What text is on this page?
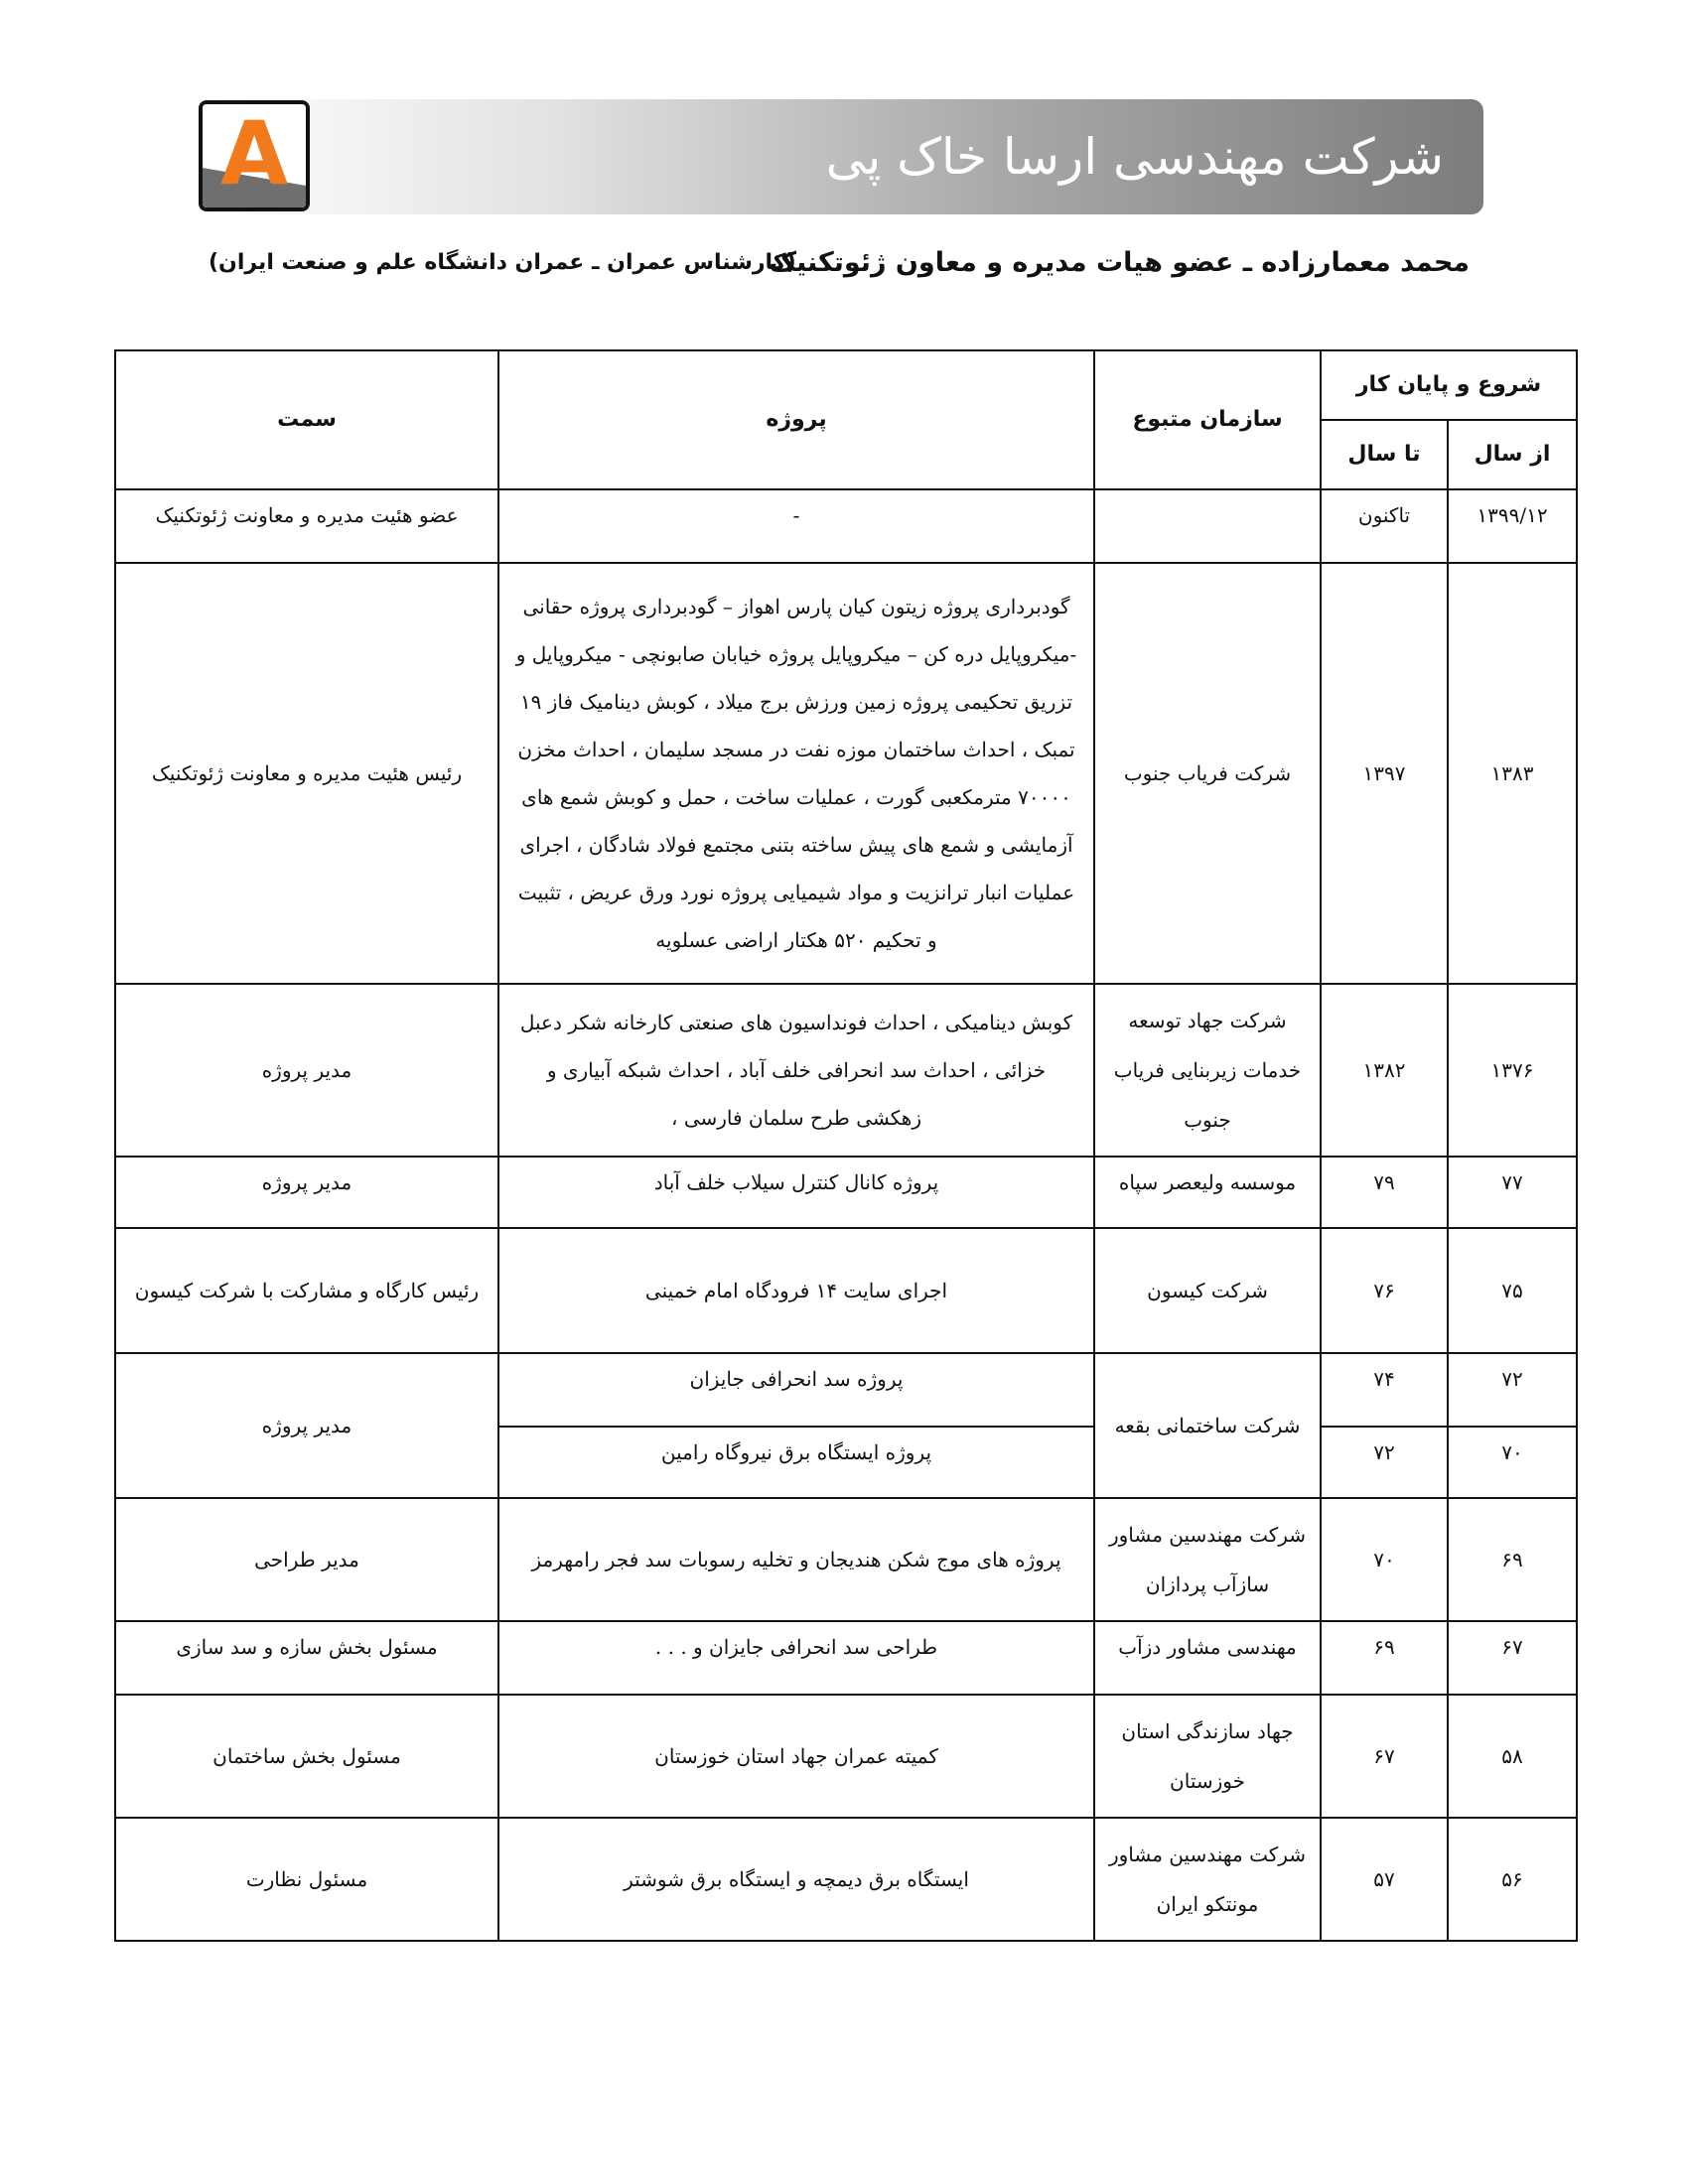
شرکت مهندسی ارسا خاک پی
A
محمد معمارزاده ـ عضو هیات مدیره و معاون ژئوتکنیک
(کارشناس عمران ـ عمران دانشگاه علم و صنعت ایران)
شروع و پایان کار		سازمان متبوع	پروژه	سمت
از سال	تا سال			
۱۳۹۹/۱۲	تاکنون		-	عضو هئیت مدیره و معاونت ژئوتکنیک
۱۳۸۳	۱۳۹۷	شرکت فریاب جنوب	گودبرداری پروژه زیتون کیان پارس اهواز – گودبرداری پروژه حقانی -میکروپایل دره کن – میکروپایل پروژه خیابان صابونچی - میکروپایل و تزریق تحکیمی پروژه زمین ورزش برج میلاد ، کوبش دینامیک فاز ۱۹ تمبک ، احداث ساختمان موزه نفت در مسجد سلیمان ، احداث مخزن ۷۰۰۰۰ مترمکعبی گورت ، عملیات ساخت ، حمل و کوبش شمع های آزمایشی و شمع های پیش ساخته بتنی مجتمع فولاد شادگان ، اجرای عملیات انبار ترانزیت و مواد شیمیایی پروژه نورد ورق عریض ، تثبیت و تحکیم ۵۲۰ هکتار اراضی عسلویه	رئیس هئیت مدیره و معاونت ژئوتکنیک
۱۳۷۶	۱۳۸۲	شرکت جهاد توسعه خدمات زیربنایی فریاب جنوب	کوبش دینامیکی ، احداث فونداسیون های صنعتی کارخانه شکر دعبل خزائی ، احداث سد انحرافی خلف آباد ، احداث شبکه آبیاری و زهکشی طرح سلمان فارسی ،	مدیر پروژه
۷۷	۷۹	موسسه ولیعصر سپاه	پروژه کانال کنترل سیلاب خلف آباد	مدیر پروژه
۷۵	۷۶	شرکت کیسون	اجرای سایت ۱۴ فرودگاه امام خمینی	رئیس کارگاه و مشارکت با شرکت کیسون
۷۲	۷۴	شرکت ساختمانی بقعه	پروژه سد انحرافی جایزان	مدیر پروژه
۷۰	۷۲		پروژه ایستگاه برق نیروگاه رامین	
۶۹	۷۰	شرکت مهندسین مشاور سازآب پردازان	پروژه های موج شکن هندیجان و تخلیه رسوبات سد فجر رامهرمز	مدیر طراحی
۶۷	۶۹	مهندسی مشاور دزآب	طراحی سد انحرافی جایزان و . . .	مسئول بخش سازه و سد سازی
۵۸	۶۷	جهاد سازندگی استان خوزستان	کمیته عمران جهاد استان خوزستان	مسئول بخش ساختمان
۵۶	۵۷	شرکت مهندسین مشاور مونتکو ایران	ایستگاه برق دیمچه و ایستگاه برق شوشتر	مسئول نظارت
